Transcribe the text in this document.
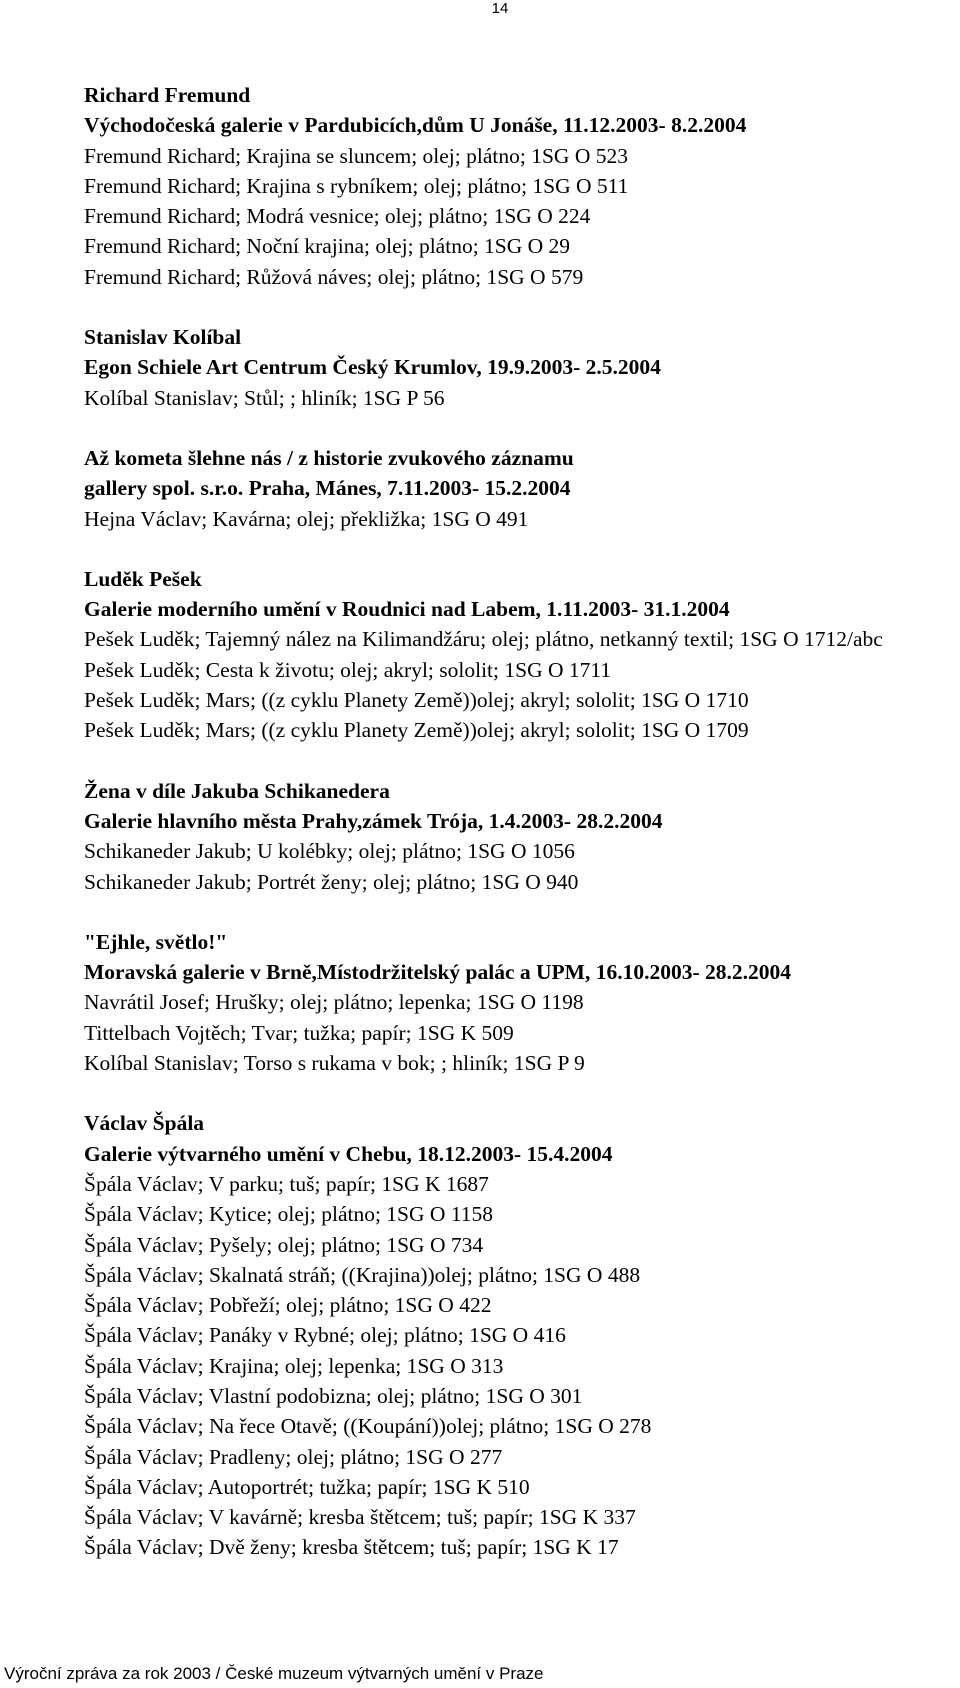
14
Richard Fremund
Východočeská galerie v Pardubicích,dům U Jonáše, 11.12.2003- 8.2.2004
Fremund Richard; Krajina se sluncem; olej; plátno; 1SG O 523
Fremund Richard; Krajina s rybníkem; olej; plátno; 1SG O 511
Fremund Richard; Modrá vesnice; olej; plátno; 1SG O 224
Fremund Richard; Noční krajina; olej; plátno; 1SG O 29
Fremund Richard; Růžová náves; olej; plátno; 1SG O 579
Stanislav Kolíbal
Egon Schiele Art Centrum Český Krumlov, 19.9.2003- 2.5.2004
Kolíbal Stanislav; Stůl; ; hliník; 1SG P 56
Až kometa šlehne nás / z historie zvukového záznamu
gallery spol. s.r.o. Praha, Mánes, 7.11.2003- 15.2.2004
Hejna Václav; Kavárna; olej; překližka; 1SG O 491
Luděk Pešek
Galerie moderního umění v Roudnici nad Labem, 1.11.2003- 31.1.2004
Pešek Luděk; Tajemný nález na Kilimandžáru; olej; plátno, netkanný textil; 1SG O 1712/abc
Pešek Luděk; Cesta k životu; olej; akryl; sololit; 1SG O 1711
Pešek Luděk; Mars; ((z cyklu Planety Země))olej; akryl; sololit; 1SG O 1710
Pešek Luděk; Mars; ((z cyklu Planety Země))olej; akryl; sololit; 1SG O 1709
Žena v díle Jakuba Schikanedera
Galerie hlavního města Prahy,zámek Trója, 1.4.2003- 28.2.2004
Schikaneder Jakub; U kolébky; olej; plátno; 1SG O 1056
Schikaneder Jakub; Portrét ženy; olej; plátno; 1SG O 940
"Ejhle, světlo!"
Moravská galerie v Brně,Místodržitelský palác a UPM, 16.10.2003- 28.2.2004
Navrátil Josef; Hrušky; olej; plátno; lepenka; 1SG O 1198
Tittelbach Vojtěch; Tvar; tužka; papír; 1SG K 509
Kolíbal Stanislav; Torso s rukama v bok; ; hliník; 1SG P 9
Václav Špála
Galerie výtvarného umění v Chebu, 18.12.2003- 15.4.2004
Špála Václav; V parku; tuš; papír; 1SG K 1687
Špála Václav; Kytice; olej; plátno; 1SG O 1158
Špála Václav; Pyšely; olej; plátno; 1SG O 734
Špála Václav; Skalnatá stráň; ((Krajina))olej; plátno; 1SG O 488
Špála Václav; Pobřeží; olej; plátno; 1SG O 422
Špála Václav; Panáky v Rybné; olej; plátno; 1SG O 416
Špála Václav; Krajina; olej; lepenka; 1SG O 313
Špála Václav; Vlastní podobizna; olej; plátno; 1SG O 301
Špála Václav; Na řece Otavě; ((Koupání))olej; plátno; 1SG O 278
Špála Václav; Pradleny; olej; plátno; 1SG O 277
Špála Václav; Autoportrét; tužka; papír; 1SG K 510
Špála Václav; V kavárně; kresba štětcem; tuš; papír; 1SG K 337
Špála Václav; Dvě ženy; kresba štětcem; tuš; papír; 1SG K 17
Výroční zpráva za rok 2003 / České muzeum výtvarných umění v Praze
